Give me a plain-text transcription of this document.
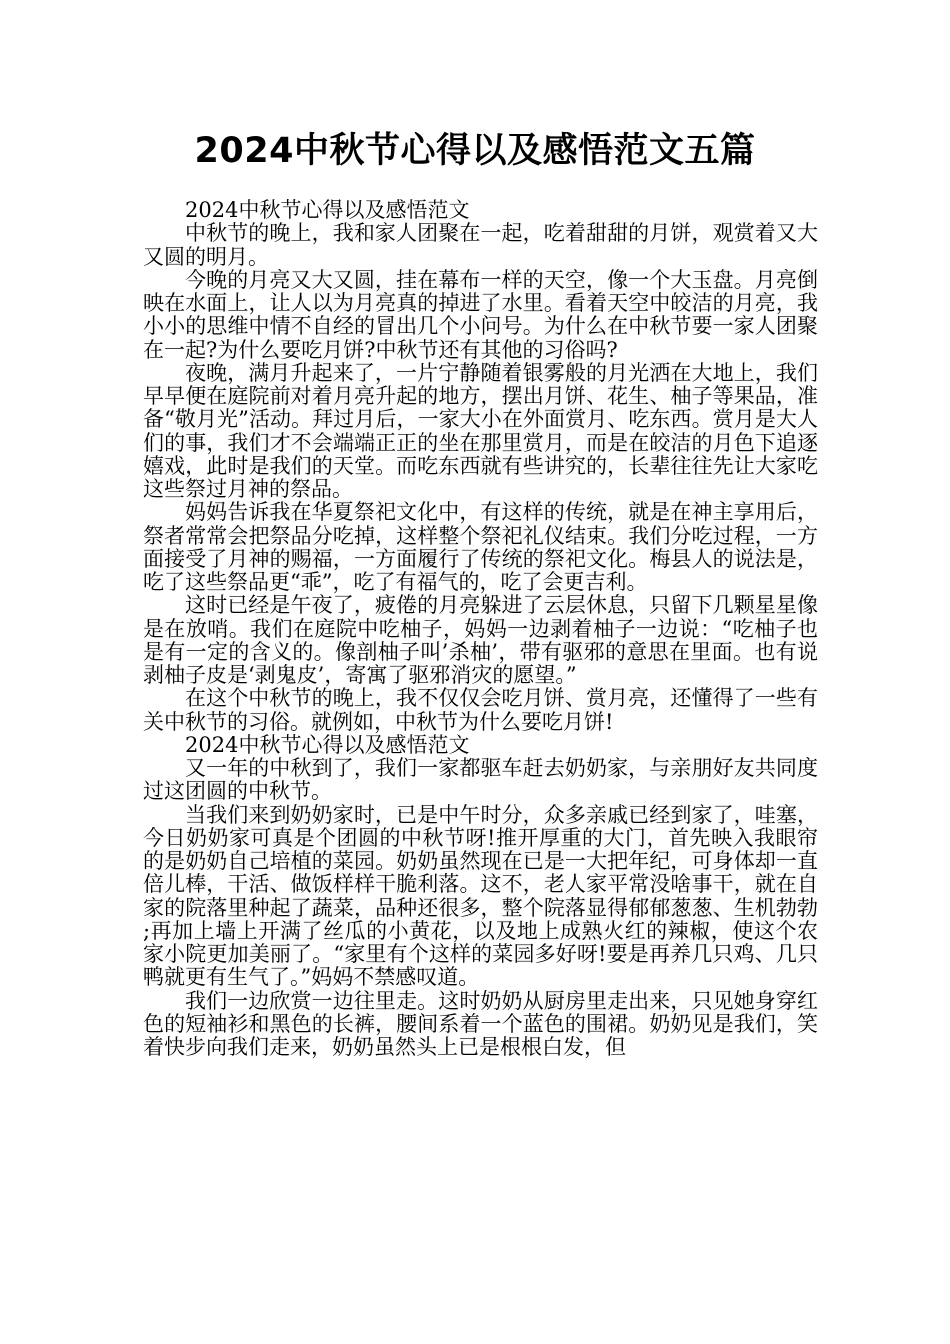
2024中秋节心得以及感悟范文五篇

2024中秋节心得以及感悟范文

中秋节的晚上，我和家人团聚在一起，吃着甜甜的月饼，观赏着又大又圆的明月。

今晚的月亮又大又圆，挂在幕布一样的天空，像一个大玉盘。月亮倒映在水面上，让人以为月亮真的掉进了水里。看着天空中皎洁的月亮，我小小的思维中情不自经的冒出几个小问号。为什么在中秋节要一家人团聚在一起?为什么要吃月饼?中秋节还有其他的习俗吗?

夜晚，满月升起来了，一片宁静随着银雾般的月光洒在大地上，我们早早便在庭院前对着月亮升起的地方，摆出月饼、花生、柚子等果品，准备“敬月光”活动。拜过月后，一家大小在外面赏月、吃东西。赏月是大人们的事，我们才不会端端正正的坐在那里赏月，而是在皎洁的月色下追逐嬉戏，此时是我们的天堂。而吃东西就有些讲究的，长辈往往先让大家吃这些祭过月神的祭品。

妈妈告诉我在华夏祭祀文化中，有这样的传统，就是在神主享用后，祭者常常会把祭品分吃掉，这样整个祭祀礼仪结束。我们分吃过程，一方面接受了月神的赐福，一方面履行了传统的祭祀文化。梅县人的说法是，吃了这些祭品更“乖”，吃了有福气的，吃了会更吉利。

这时已经是午夜了，疲倦的月亮躲进了云层休息，只留下几颗星星像是在放哨。我们在庭院中吃柚子，妈妈一边剥着柚子一边说：“吃柚子也是有一定的含义的。像剖柚子叫’杀柚’，带有驱邪的意思在里面。也有说剥柚子皮是‘剥鬼皮’，寄寓了驱邪消灾的愿望。”

在这个中秋节的晚上，我不仅仅会吃月饼、赏月亮，还懂得了一些有关中秋节的习俗。就例如，中秋节为什么要吃月饼!

2024中秋节心得以及感悟范文

又一年的中秋到了，我们一家都驱车赶去奶奶家，与亲朋好友共同度过这团圆的中秋节。

当我们来到奶奶家时，已是中午时分，众多亲戚已经到家了，哇塞，今日奶奶家可真是个团圆的中秋节呀!推开厚重的大门，首先映入我眼帘的是奶奶自己培植的菜园。奶奶虽然现在已是一大把年纪，可身体却一直倍儿棒，干活、做饭样样干脆利落。这不，老人家平常没啥事干，就在自家的院落里种起了蔬菜，品种还很多，整个院落显得郁郁葱葱、生机勃勃;再加上墙上开满了丝瓜的小黄花，以及地上成熟火红的辣椒，使这个农家小院更加美丽了。“家里有个这样的菜园多好呀!要是再养几只鸡、几只鸭就更有生气了。”妈妈不禁感叹道。

我们一边欣赏一边往里走。这时奶奶从厨房里走出来，只见她身穿红色的短袖衫和黑色的长裤，腰间系着一个蓝色的围裙。奶奶见是我们，笑着快步向我们走来，奶奶虽然头上已是根根白发，但
